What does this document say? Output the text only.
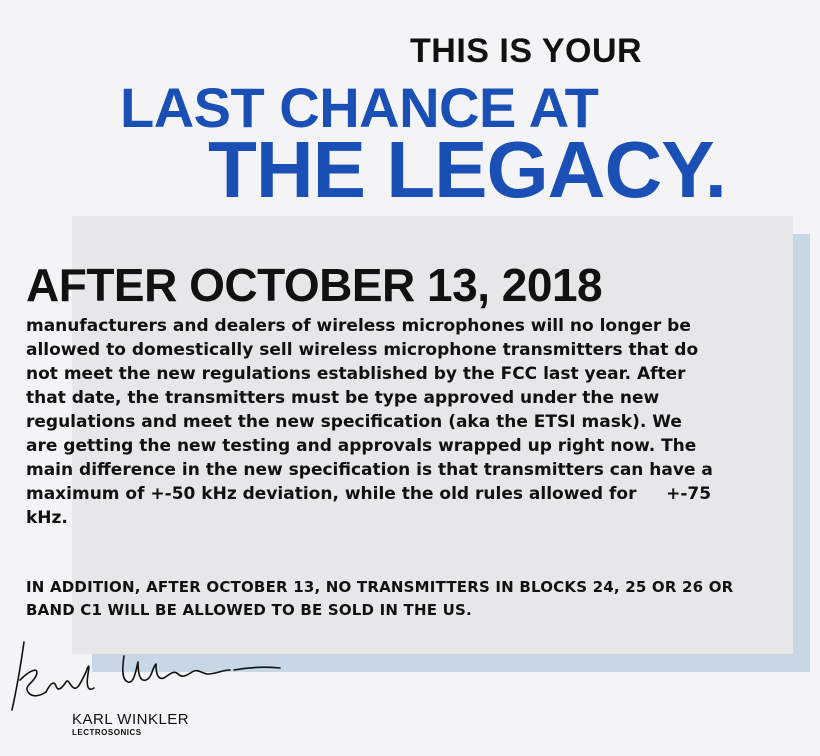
THIS IS YOUR
LAST CHANCE AT
THE LEGACY.
AFTER OCTOBER 13, 2018
manufacturers and dealers of wireless microphones will no longer be allowed to domestically sell wireless microphone transmitters that do not meet the new regulations established by the FCC last year. After that date, the transmitters must be type approved under the new regulations and meet the new specification (aka the ETSI mask). We are getting the new testing and approvals wrapped up right now. The main difference in the new specification is that transmitters can have a maximum of +-50 kHz deviation, while the old rules allowed for     +-75 kHz.
IN ADDITION, AFTER OCTOBER 13, NO TRANSMITTERS IN BLOCKS 24, 25 OR 26 OR BAND C1 WILL BE ALLOWED TO BE SOLD IN THE US.
KARL WINKLER
LECTROSONICS
